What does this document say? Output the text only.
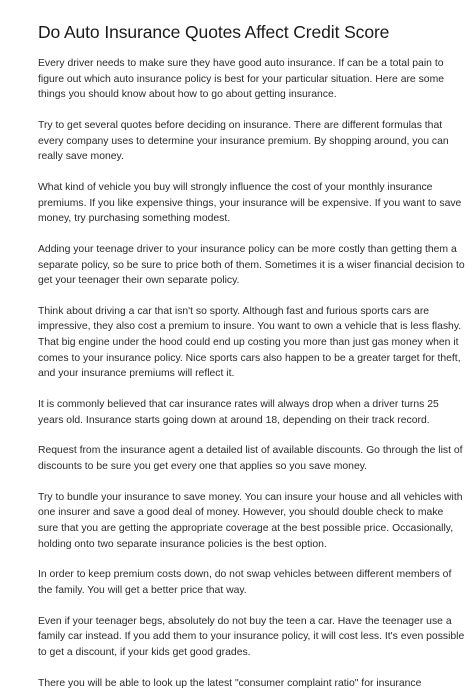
Do Auto Insurance Quotes Affect Credit Score

Every driver needs to make sure they have good auto insurance. If can be a total pain to
figure out which auto insurance policy is best for your particular situation. Here are some
things you should know about how to go about getting insurance.

Try to get several quotes before deciding on insurance. There are different formulas that
every company uses to determine your insurance premium. By shopping around, you can
really save money.

What kind of vehicle you buy will strongly influence the cost of your monthly insurance
premiums. If you like expensive things, your insurance will be expensive. If you want to save
money, try purchasing something modest.

Adding your teenage driver to your insurance policy can be more costly than getting them a
separate policy, so be sure to price both of them. Sometimes it is a wiser financial decision to
get your teenager their own separate policy.

Think about driving a car that isn't so sporty. Although fast and furious sports cars are
impressive, they also cost a premium to insure. You want to own a vehicle that is less flashy.
That big engine under the hood could end up costing you more than just gas money when it
comes to your insurance policy. Nice sports cars also happen to be a greater target for theft,
and your insurance premiums will reflect it.

It is commonly believed that car insurance rates will always drop when a driver turns 25
years old. Insurance starts going down at around 18, depending on their track record.

Request from the insurance agent a detailed list of available discounts. Go through the list of
discounts to be sure you get every one that applies so you save money.

Try to bundle your insurance to save money. You can insure your house and all vehicles with
one insurer and save a good deal of money. However, you should double check to make
sure that you are getting the appropriate coverage at the best possible price. Occasionally,
holding onto two separate insurance policies is the best option.

In order to keep premium costs down, do not swap vehicles between different members of
the family. You will get a better price that way.

Even if your teenager begs, absolutely do not buy the teen a car. Have the teenager use a
family car instead. If you add them to your insurance policy, it will cost less. It's even possible
to get a discount, if your kids get good grades.

There you will be able to look up the latest "consumer complaint ratio" for insurance
